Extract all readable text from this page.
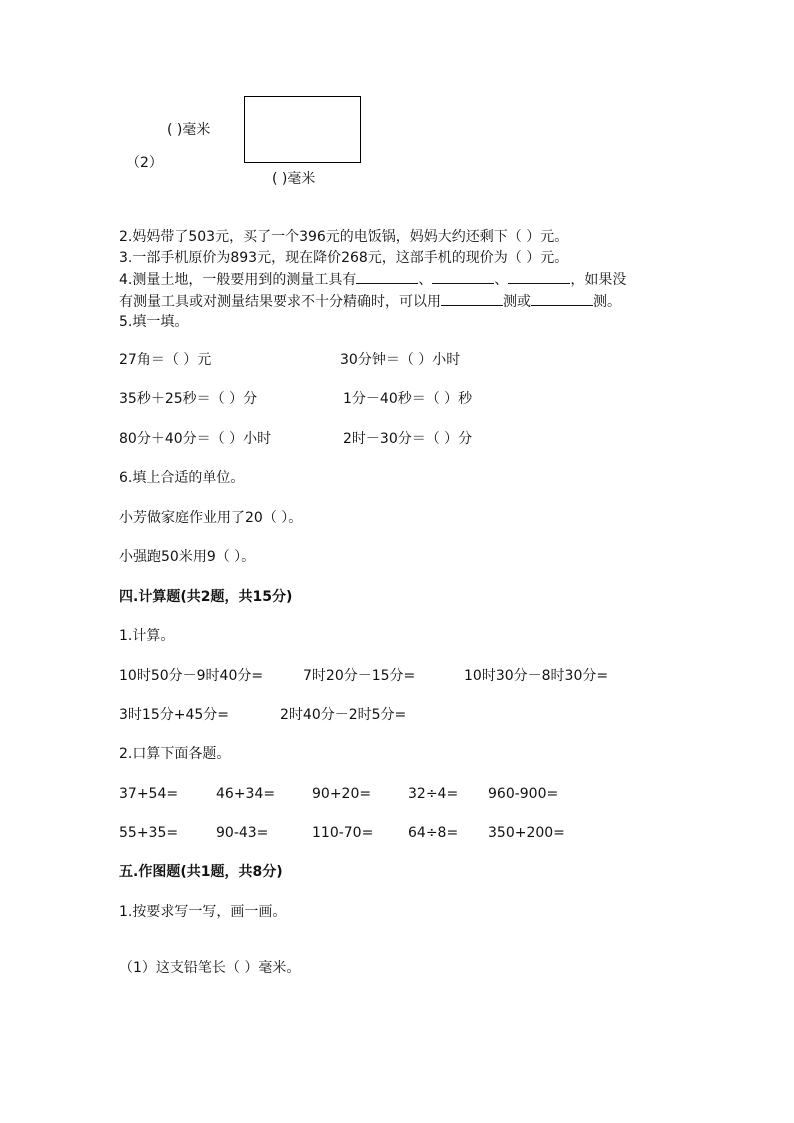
( )毫米
（2）
( )毫米
2.妈妈带了503元，买了一个396元的电饭锅，妈妈大约还剩下（ ）元。
3.一部手机原价为893元，现在降价268元，这部手机的现价为（ ）元。
4.测量土地，一般要用到的测量工具有	、	、	，如果没
有测量工具或对测量结果要求不十分精确时，可以用	测或	测。
5.填一填。
27角＝（ ）元	30分钟＝（ ）小时
35秒＋25秒＝（ ）分	1分－40秒＝（ ）秒
80分＋40分＝（ ）小时	2时－30分＝（ ）分
6.填上合适的单位。
小芳做家庭作业用了20（ ）。
小强跑50米用9（ ）。
四.计算题(共2题，共15分)
1.计算。
10时50分－9时40分=	7时20分－15分=	10时30分－8时30分=
3时15分+45分=	2时40分－2时5分=
2.口算下面各题。
37+54=	46+34=	90+20=	32÷4= 960-900=
55+35=	90-43=	110-70= 64÷8= 350+200=
五.作图题(共1题，共8分)
1.按要求写一写，画一画。
（1）这支铅笔长（ ）毫米。
